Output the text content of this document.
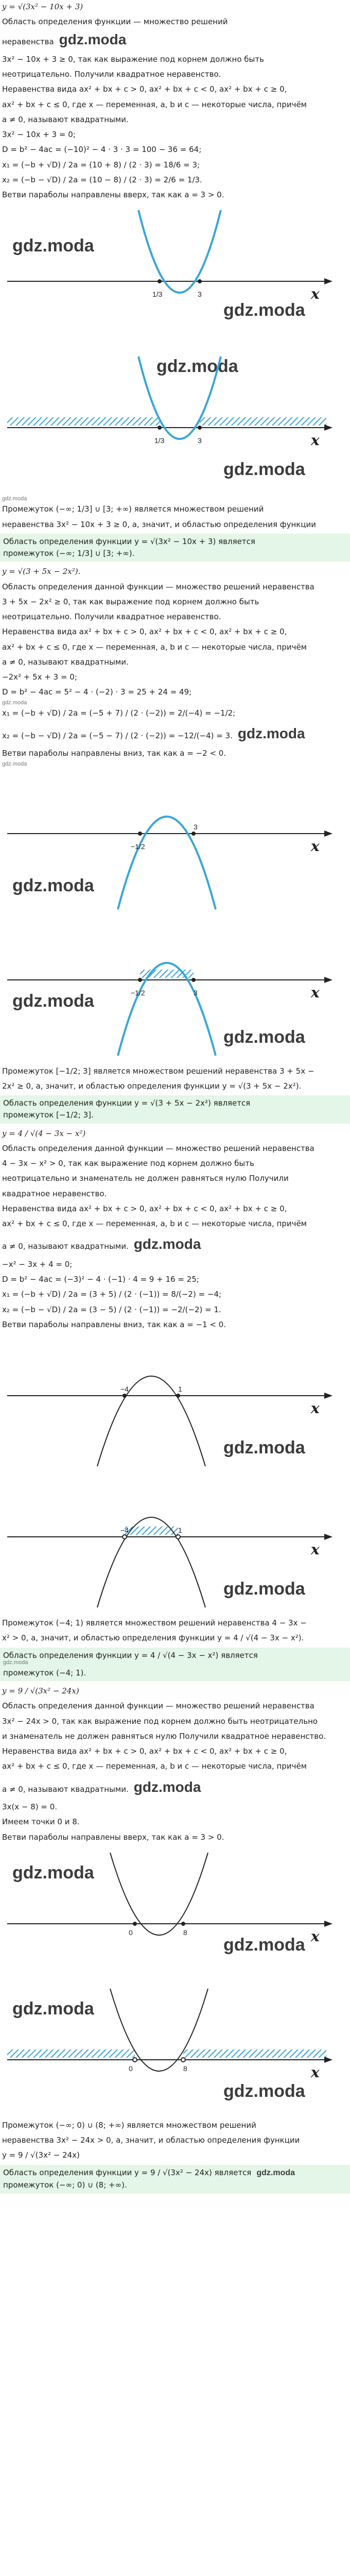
y = √(3x² − 10x + 3)
Область определения функции — множество решений неравенства gdz.moda
3x² − 10x + 3 ≥ 0, так как выражение под корнем должно быть
неотрицательно. Получили квадратное неравенство.
Неравенства вида ax² + bx + c > 0, ax² + bx + c < 0, ax² + bx + c ≥ 0,
ax² + bx + c ≤ 0, где x — переменная, a, b и c — некоторые числа, причём
a ≠ 0, называют квадратными.
3x² − 10x + 3 = 0;
D = b² − 4ac = (−10)² − 4 · 3 · 3 = 100 − 36 = 64;
x₁ = (−b + √D) / 2a = (10 + 8) / (2 · 3) = 18/6 = 3;
x₂ = (−b − √D) / 2a = (10 − 8) / (2 · 3) = 2/6 = 1/3.
Ветви параболы направлены вверх, так как a = 3 > 0.
gdz.moda
gdz.moda
1/3	3	x
gdz.moda
gdz.moda
1/3	3	x
gdz.moda
Промежуток (−∞; 1/3] ∪ [3; +∞) является множеством решений
неравенства 3x² − 10x + 3 ≥ 0, а, значит, и областью определения функции
Область определения функции y = √(3x² − 10x + 3) является
промежуток (−∞; 1/3] ∪ [3; +∞).
y = √(3 + 5x − 2x²).
Область определения данной функции — множество решений неравенства
3 + 5x − 2x² ≥ 0, так как выражение под корнем должно быть
неотрицательно. Получили квадратное неравенство.
Неравенства вида ax² + bx + c > 0, ax² + bx + c < 0, ax² + bx + c ≥ 0,
ax² + bx + c ≤ 0, где x — переменная, a, b и c — некоторые числа, причём
a ≠ 0, называют квадратными.
−2x² + 5x + 3 = 0;
D = b² − 4ac = 5² − 4 · (−2) · 3 = 25 + 24 = 49;
gdz.moda
x₁ = (−b + √D) / 2a = (−5 + 7) / (2 · (−2)) = 2/(−4) = −1/2;
x₂ = (−b − √D) / 2a = (−5 − 7) / (2 · (−2)) = −12/(−4) = 3. gdz.moda
Ветви параболы направлены вниз, так как a = −2 < 0.
gdz.moda
gdz.moda
−1/2
3
x
gdz.moda
gdz.moda
−1/2	3	x
Промежуток [−1/2; 3] является множеством решений неравенства 3 + 5x −
2x² ≥ 0, а, значит, и областью определения функции y = √(3 + 5x − 2x²).
Область определения функции y = √(3 + 5x − 2x²) является
промежуток [−1/2; 3].
y = 4 / √(4 − 3x − x²)
Область определения данной функции — множество решений неравенства
4 − 3x − x² > 0, так как выражение под корнем должно быть
неотрицательно и знаменатель не должен равняться нулю Получили
квадратное неравенство.
Неравенства вида ax² + bx + c > 0, ax² + bx + c < 0, ax² + bx + c ≥ 0,
ax² + bx + c ≤ 0, где x — переменная, a, b и c — некоторые числа, причём
a ≠ 0, называют квадратными. gdz.moda
−x² − 3x + 4 = 0;
D = b² − 4ac = (−3)² − 4 · (−1) · 4 = 9 + 16 = 25;
x₁ = (−b + √D) / 2a = (3 + 5) / (2 · (−1)) = 8/(−2) = −4;
x₂ = (−b − √D) / 2a = (3 − 5) / (2 · (−1)) = −2/(−2) = 1.
Ветви параболы направлены вниз, так как a = −1 < 0.
gdz.moda
−4	1
x
gdz.moda
−4	1
x
Промежуток (−4; 1) является множеством решений неравенства 4 − 3x −
x² > 0, а, значит, и областью определения функции y = 4 / √(4 − 3x − x²).
Область определения функции y = 4 / √(4 − 3x − x²) является
gdz.moda
промежуток (−4; 1).
y = 9 / √(3x² − 24x)
Область определения данной функции — множество решений неравенства
3x² − 24x > 0, так как выражение под корнем должно быть неотрицательно
и знаменатель не должен равняться нулю Получили квадратное неравенство.
Неравенства вида ax² + bx + c > 0, ax² + bx + c < 0, ax² + bx + c ≥ 0,
ax² + bx + c ≤ 0, где x — переменная, a, b и c — некоторые числа, причём
a ≠ 0, называют квадратными. gdz.moda
3x(x − 8) = 0.
Имеем точки 0 и 8.
Ветви параболы направлены вверх, так как a = 3 > 0.
gdz.moda
gdz.moda
0	8	x
gdz.moda
gdz.moda
0	8	x
Промежуток (−∞; 0) ∪ (8; +∞) является множеством решений
неравенства 3x² − 24x > 0, а, значит, и областью определения функции
y = 9 / √(3x² − 24x)
Область определения функции y = 9 / √(3x² − 24x) является gdz.moda
промежуток (−∞; 0) ∪ (8; +∞).
